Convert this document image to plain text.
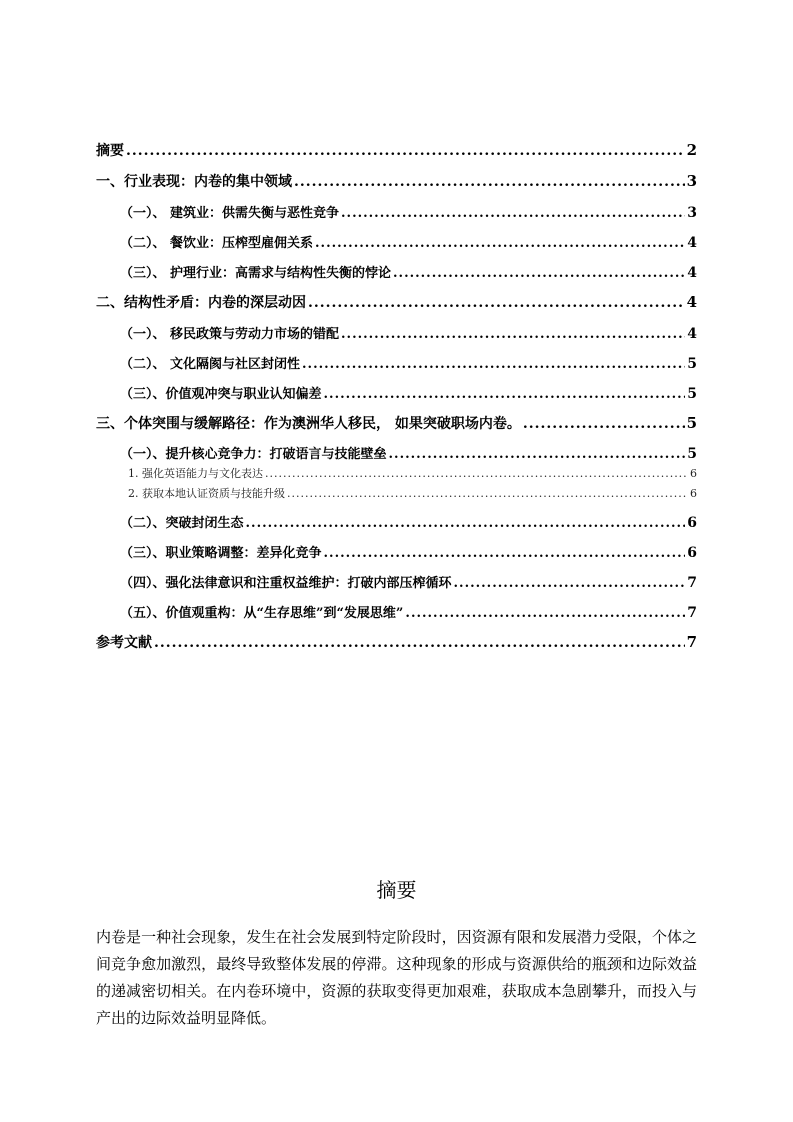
摘要 .....	2
一、行业表现：内卷的集中领域 .....	3
（一）、 建筑业：供需失衡与恶性竞争 .....	3
（二）、 餐饮业：压榨型雇佣关系 .....	4
（三）、 护理行业：高需求与结构性失衡的悖论 .....	4
二、结构性矛盾：内卷的深层动因 .....	4
（一）、 移民政策与劳动力市场的错配 .....	4
（二）、 文化隔阂与社区封闭性 .....	5
（三）、价值观冲突与职业认知偏差 .....	5
三、个体突围与缓解路径：作为澳洲华人移民， 如果突破职场内卷。 .....	5
（一）、提升核心竞争力：打破语言与技能壁垒 .....	5
1. 强化英语能力与文化表达 .....	6
2. 获取本地认证资质与技能升级 .....	6
（二）、突破封闭生态 .....	6
（三）、职业策略调整：差异化竞争 .....	6
（四）、强化法律意识和注重权益维护：打破内部压榨循环 .....	7
（五）、价值观重构：从“生存思维”到“发展思维” .....	7
参考文献 .....	7
摘要
内卷是一种社会现象，发生在社会发展到特定阶段时，因资源有限和发展潜力受限，个体之间竞争愈加激烈，最终导致整体发展的停滞。这种现象的形成与资源供给的瓶颈和边际效益的递减密切相关。在内卷环境中，资源的获取变得更加艰难，获取成本急剧攀升，而投入与产出的边际效益明显降低。
